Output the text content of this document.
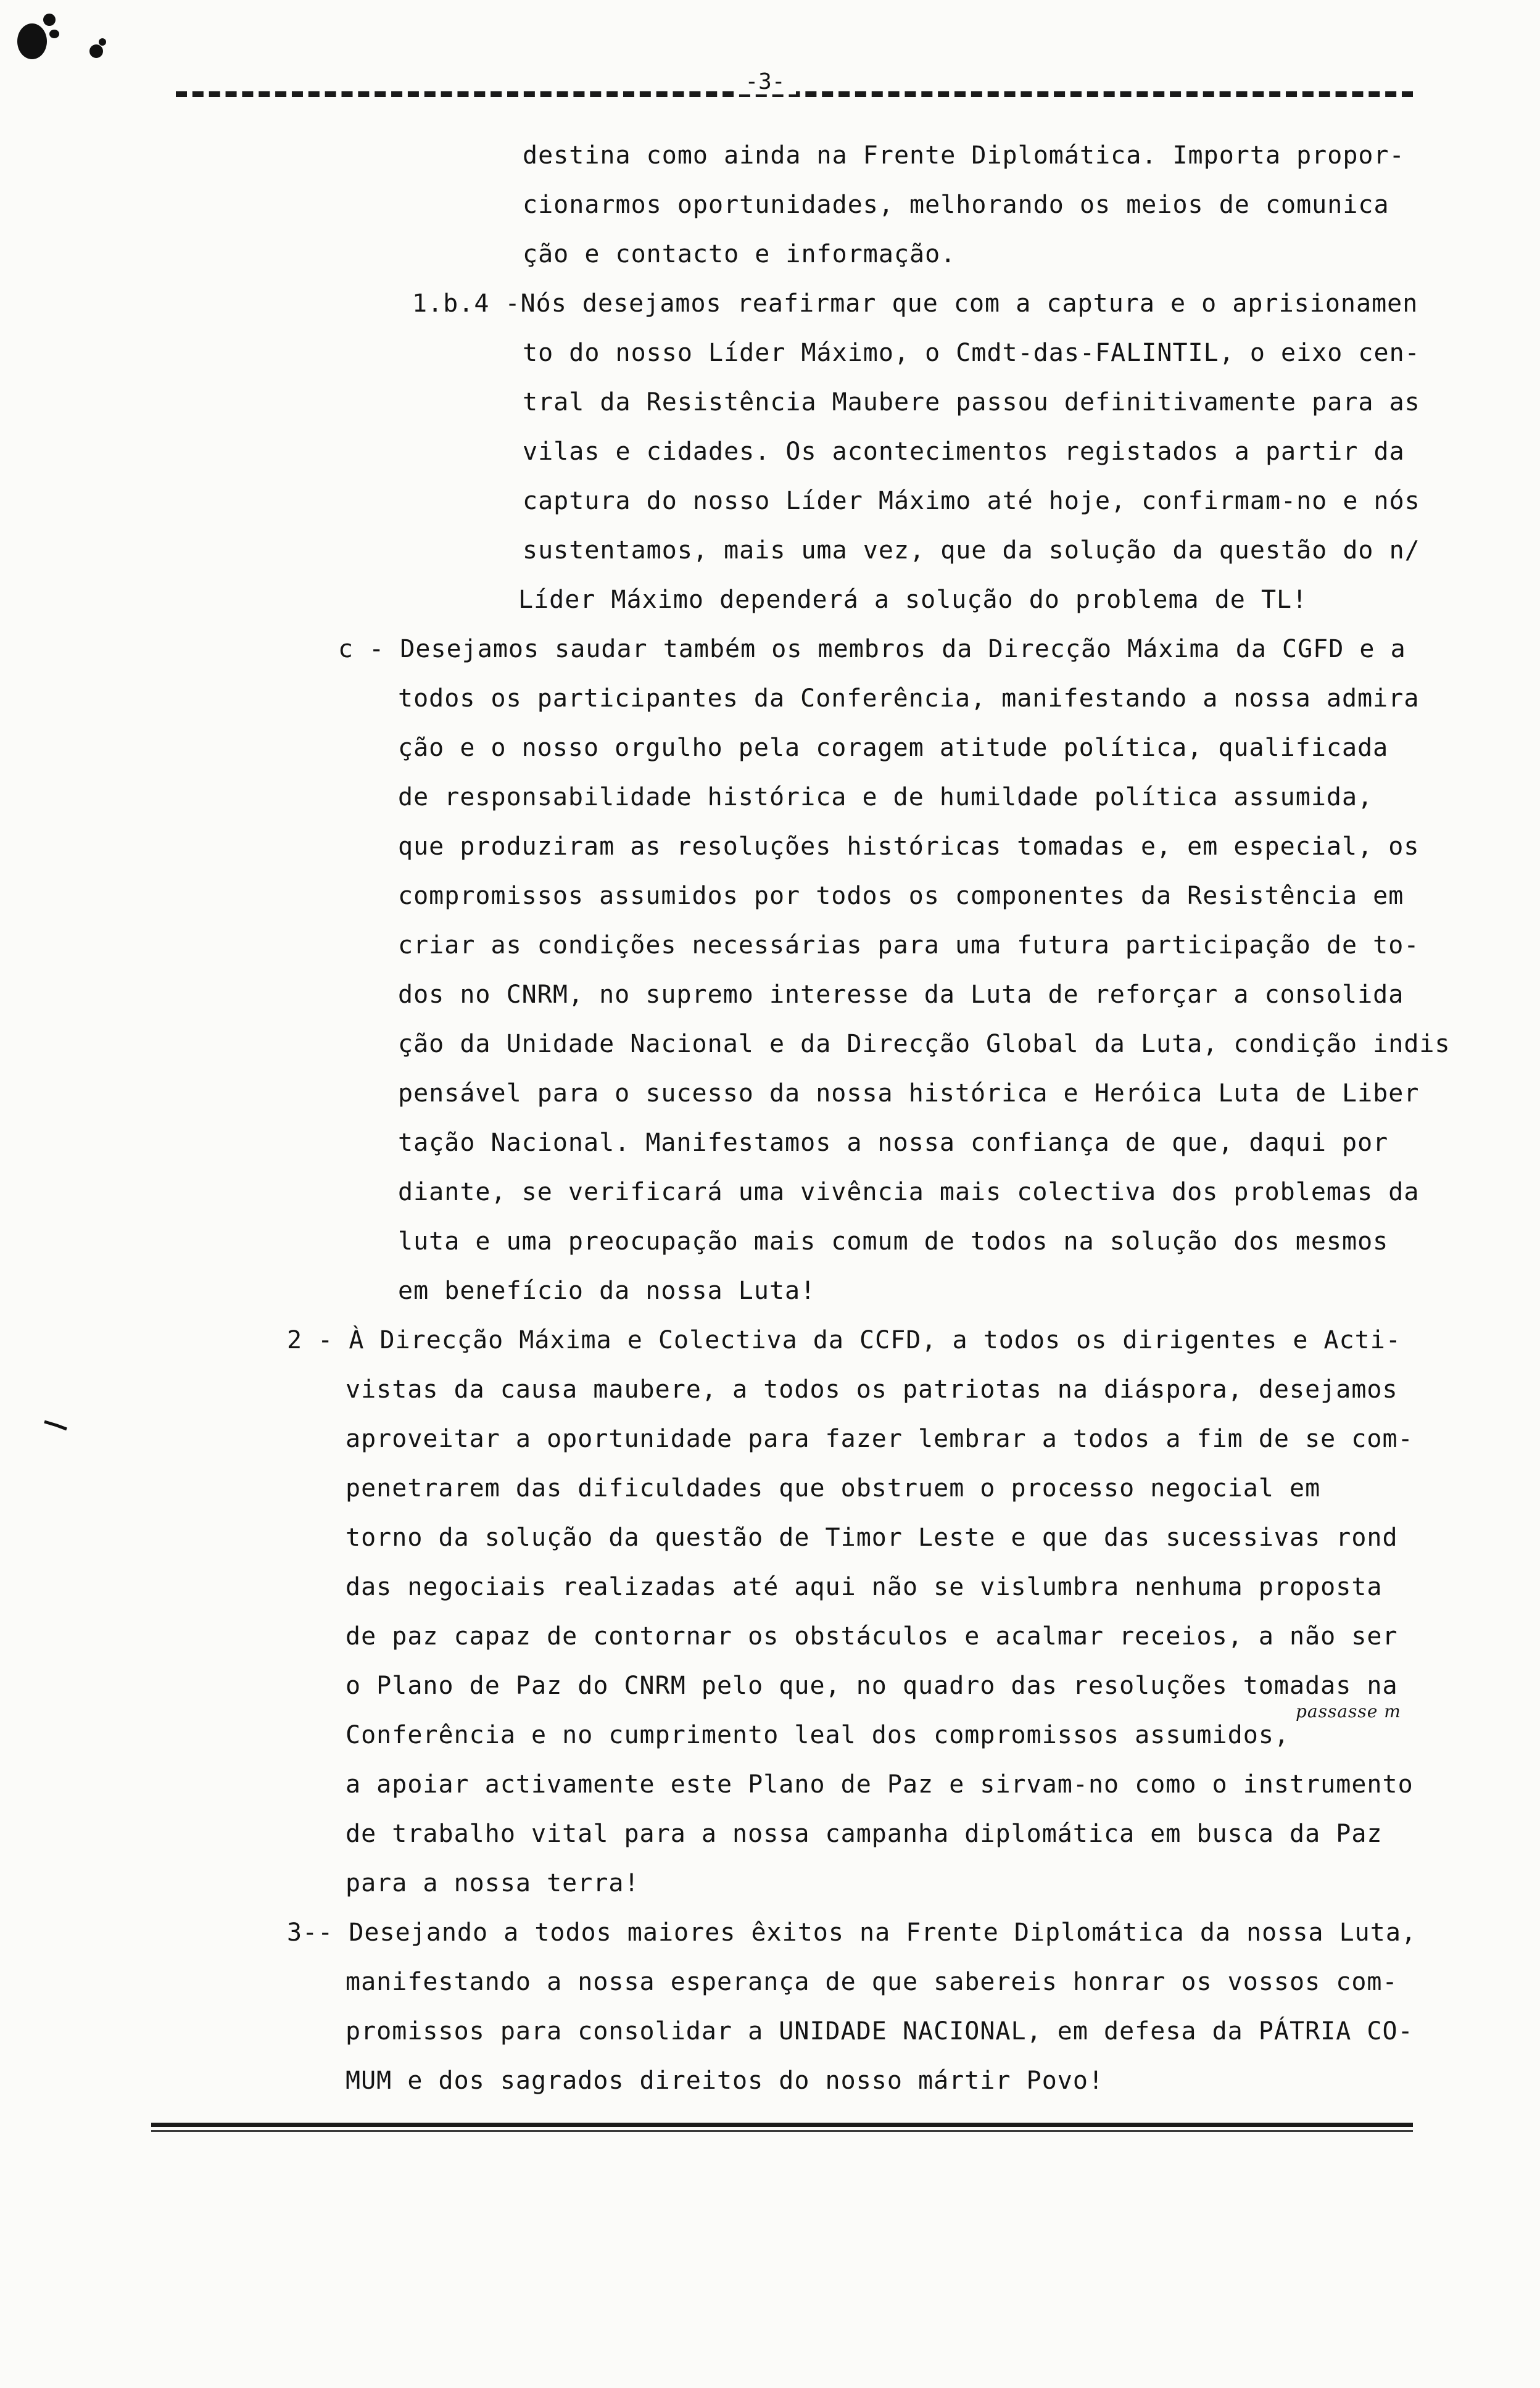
-3-
destina como ainda na Frente Diplomática. Importa propor-
cionarmos oportunidades, melhorando os meios de comunica
ção e contacto e informação.
1.b.4 -Nós desejamos reafirmar que com a captura e o aprisionamen
to do nosso Líder Máximo, o Cmdt-das-FALINTIL, o eixo cen-
tral da Resistência Maubere passou definitivamente para as
vilas e cidades. Os acontecimentos registados a partir da
captura do nosso Líder Máximo até hoje, confirmam-no e nós
sustentamos, mais uma vez, que da solução da questão do n/
Líder Máximo dependerá a solução do problema de TL!
c - Desejamos saudar também os membros da Direcção Máxima da CGFD e a
todos os participantes da Conferência, manifestando a nossa admira
ção e o nosso orgulho pela coragem atitude política, qualificada
de responsabilidade histórica e de humildade política assumida,
que produziram as resoluções históricas tomadas e, em especial, os
compromissos assumidos por todos os componentes da Resistência em
criar as condições necessárias para uma futura participação de to-
dos no CNRM, no supremo interesse da Luta de reforçar a consolida
ção da Unidade Nacional e da Direcção Global da Luta, condição indis
pensável para o sucesso da nossa histórica e Heróica Luta de Liber
tação Nacional. Manifestamos a nossa confiança de que, daqui por
diante, se verificará uma vivência mais colectiva dos problemas da
luta e uma preocupação mais comum de todos na solução dos mesmos
em benefício da nossa Luta!
2 - À Direcção Máxima e Colectiva da CCFD, a todos os dirigentes e Acti-
vistas da causa maubere, a todos os patriotas na diáspora, desejamos
aproveitar a oportunidade para fazer lembrar a todos a fim de se com-
penetrarem das dificuldades que obstruem o processo negocial em
torno da solução da questão de Timor Leste e que das sucessivas rond
das negociais realizadas até aqui não se vislumbra nenhuma proposta
de paz capaz de contornar os obstáculos e acalmar receios, a não ser
o Plano de Paz do CNRM pelo que, no quadro das resoluções tomadas na
Conferência e no cumprimento leal dos compromissos assumidos,
passasse m
a apoiar activamente este Plano de Paz e sirvam-no como o instrumento
de trabalho vital para a nossa campanha diplomática em busca da Paz
para a nossa terra!
3-- Desejando a todos maiores êxitos na Frente Diplomática da nossa Luta,
manifestando a nossa esperança de que sabereis honrar os vossos com-
promissos para consolidar a UNIDADE NACIONAL, em defesa da PÁTRIA CO-
MUM e dos sagrados direitos do nosso mártir Povo!
